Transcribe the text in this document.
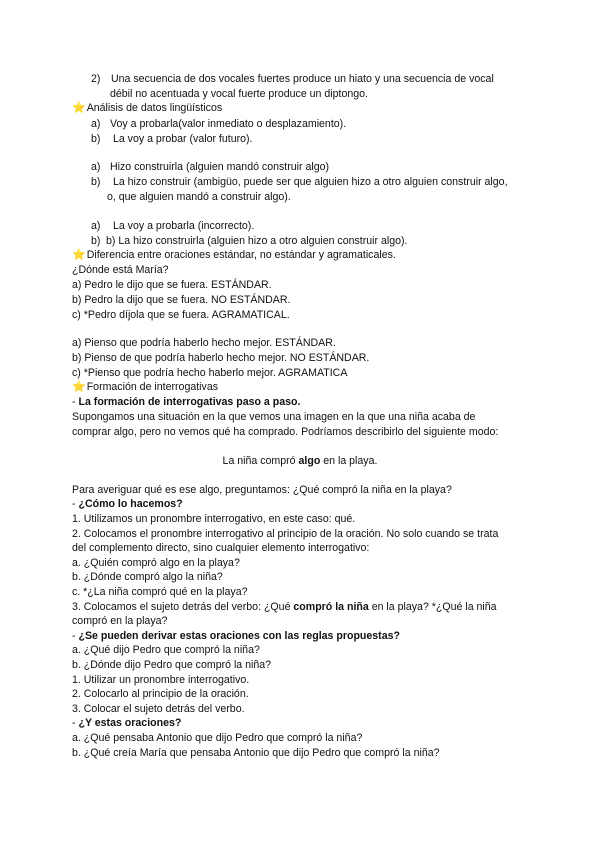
2) Una secuencia de dos vocales fuertes produce un hiato y una secuencia de vocal
débil no acentuada y vocal fuerte produce un diptongo.
⭐Análisis de datos lingüísticos
a) Voy a probarla(valor inmediato o desplazamiento).
b) La voy a probar (valor futuro).
a) Hizo construirla (alguien mandó construir algo)
b) La hizo construir (ambigüo, puede ser que alguien hizo a otro alguien construir algo,
o, que alguien mandó a construir algo).
a) La voy a probarla (incorrecto).
b) b) La hizo construirla (alguien hizo a otro alguien construir algo).
⭐Diferencia entre oraciones estándar, no estándar y agramaticales.
¿Dónde está María?
a) Pedro le dijo que se fuera. ESTÁNDAR.
b) Pedro la dijo que se fuera. NO ESTÁNDAR.
c) *Pedro díjola que se fuera. AGRAMATICAL.
a) Pienso que podría haberlo hecho mejor. ESTÁNDAR.
b) Pienso de que podría haberlo hecho mejor. NO ESTÁNDAR.
c) *Pienso que podría hecho haberlo mejor. AGRAMATICA
⭐Formación de interrogativas
- La formación de interrogativas paso a paso.
Supongamos una situación en la que vemos una imagen en la que una niña acaba de
comprar algo, pero no vemos qué ha comprado. Podríamos describirlo del siguiente modo:
La niña compró algo en la playa.
Para averiguar qué es ese algo, preguntamos: ¿Qué compró la niña en la playa?
- ¿Cómo lo hacemos?
1. Utilizamos un pronombre interrogativo, en este caso: qué.
2. Colocamos el pronombre interrogativo al principio de la oración. No solo cuando se trata
del complemento directo, sino cualquier elemento interrogativo:
a. ¿Quién compró algo en la playa?
b. ¿Dónde compró algo la niña?
c. *¿La niña compró qué en la playa?
3. Colocamos el sujeto detrás del verbo: ¿Qué compró la niña en la playa? *¿Qué la niña
compró en la playa?
- ¿Se pueden derivar estas oraciones con las reglas propuestas?
a. ¿Qué dijo Pedro que compró la niña?
b. ¿Dónde dijo Pedro que compró la niña?
1. Utilizar un pronombre interrogativo.
2. Colocarlo al principio de la oración.
3. Colocar el sujeto detrás del verbo.
- ¿Y estas oraciones?
a. ¿Qué pensaba Antonio que dijo Pedro que compró la niña?
b. ¿Qué creía María que pensaba Antonio que dijo Pedro que compró la niña?
